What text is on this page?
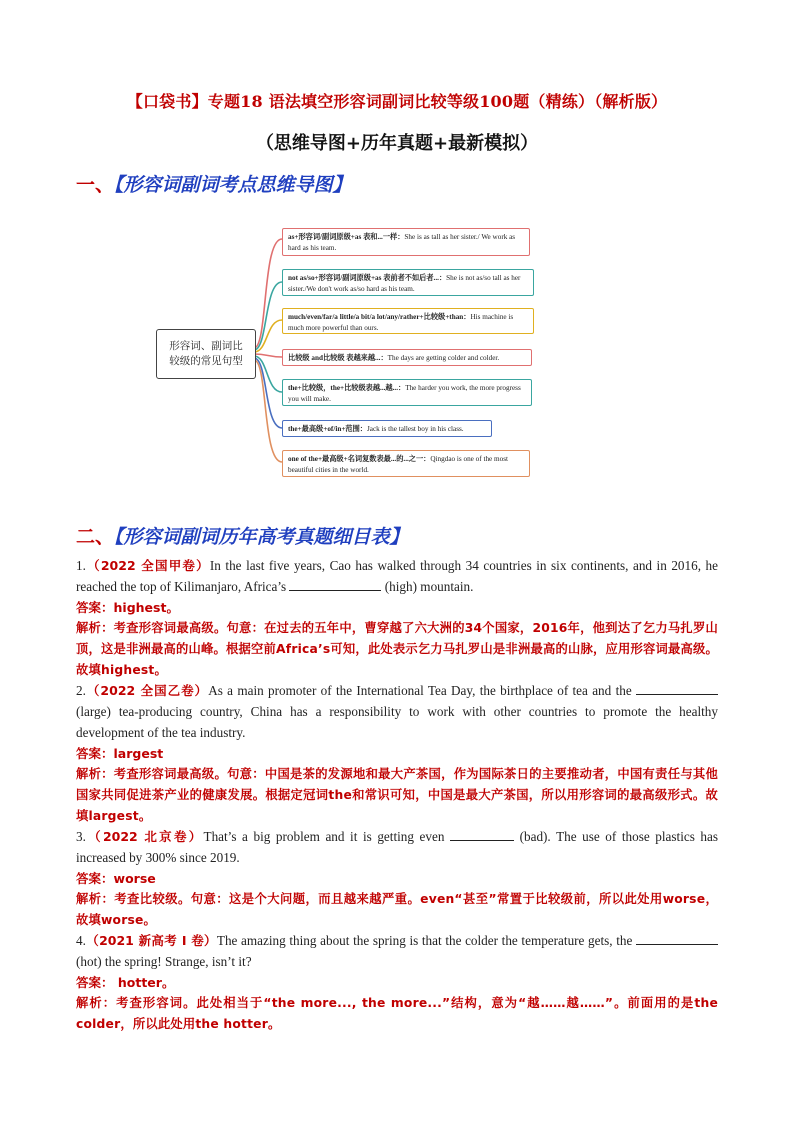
【口袋书】专题18 语法填空形容词副词比较等级100题（精练）（解析版）
（思维导图+历年真题+最新模拟）
一、【形容词副词考点思维导图】
形容词、副词比较级的常见句型
as+形容词/副词原级+as 表和...一样：She is as tall as her sister./ We work as hard as his team.
not as/so+形容词/副词原级+as 表前者不如后者...：She is not as/so tall as her sister./We don't work as/so hard as his team.
much/even/far/a little/a bit/a lot/any/rather+比较级+than：His machine is much more powerful than ours.
比较级 and比较级 表越来越...：The days are getting colder and colder.
the+比较级，the+比较级表越...越...：The harder you work, the more progress you will make.
the+最高级+of/in+范围：Jack is the tallest boy in his class.
one of the+最高级+名词复数表最...的...之一：Qingdao is one of the most beautiful cities in the world.
二、【形容词副词历年高考真题细目表】
1.（2022 全国甲卷）In the last five years, Cao has walked through 34 countries in six continents, and in 2016, he reached the top of Kilimanjaro, Africa’s	(high) mountain.
答案：highest。
解析：考查形容词最高级。句意：在过去的五年中，曹穿越了六大洲的34个国家，2016年，他到达了乞力马扎罗山顶，这是非洲最高的山峰。根据空前Africa’s可知，此处表示乞力马扎罗山是非洲最高的山脉，应用形容词最高级。故填highest。
2.（2022 全国乙卷）As a main promoter of the International Tea Day, the birthplace of tea and the  (large) tea-producing country, China has a responsibility to work with other countries to promote the healthy development of the tea industry.
答案：largest
解析：考查形容词最高级。句意：中国是茶的发源地和最大产茶国，作为国际茶日的主要推动者，中国有责任与其他国家共同促进茶产业的健康发展。根据定冠词the和常识可知，中国是最大产茶国，所以用形容词的最高级形式。故填largest。
3.（2022 北京卷）That’s a big problem and it is getting even	(bad). The use of those plastics has increased by 300% since 2019.
答案：worse
解析：考查比较级。句意：这是个大问题，而且越来越严重。even“甚至”常置于比较级前，所以此处用worse，故填worse。
4.（2021 新高考 I 卷）The amazing thing about the spring is that the colder the temperature gets, the  (hot) the spring! Strange, isn’t it?
答案： hotter。
解析：考查形容词。此处相当于“the more..., the more...”结构，意为“越……越……”。前面用的是the colder，所以此处用the hotter。
